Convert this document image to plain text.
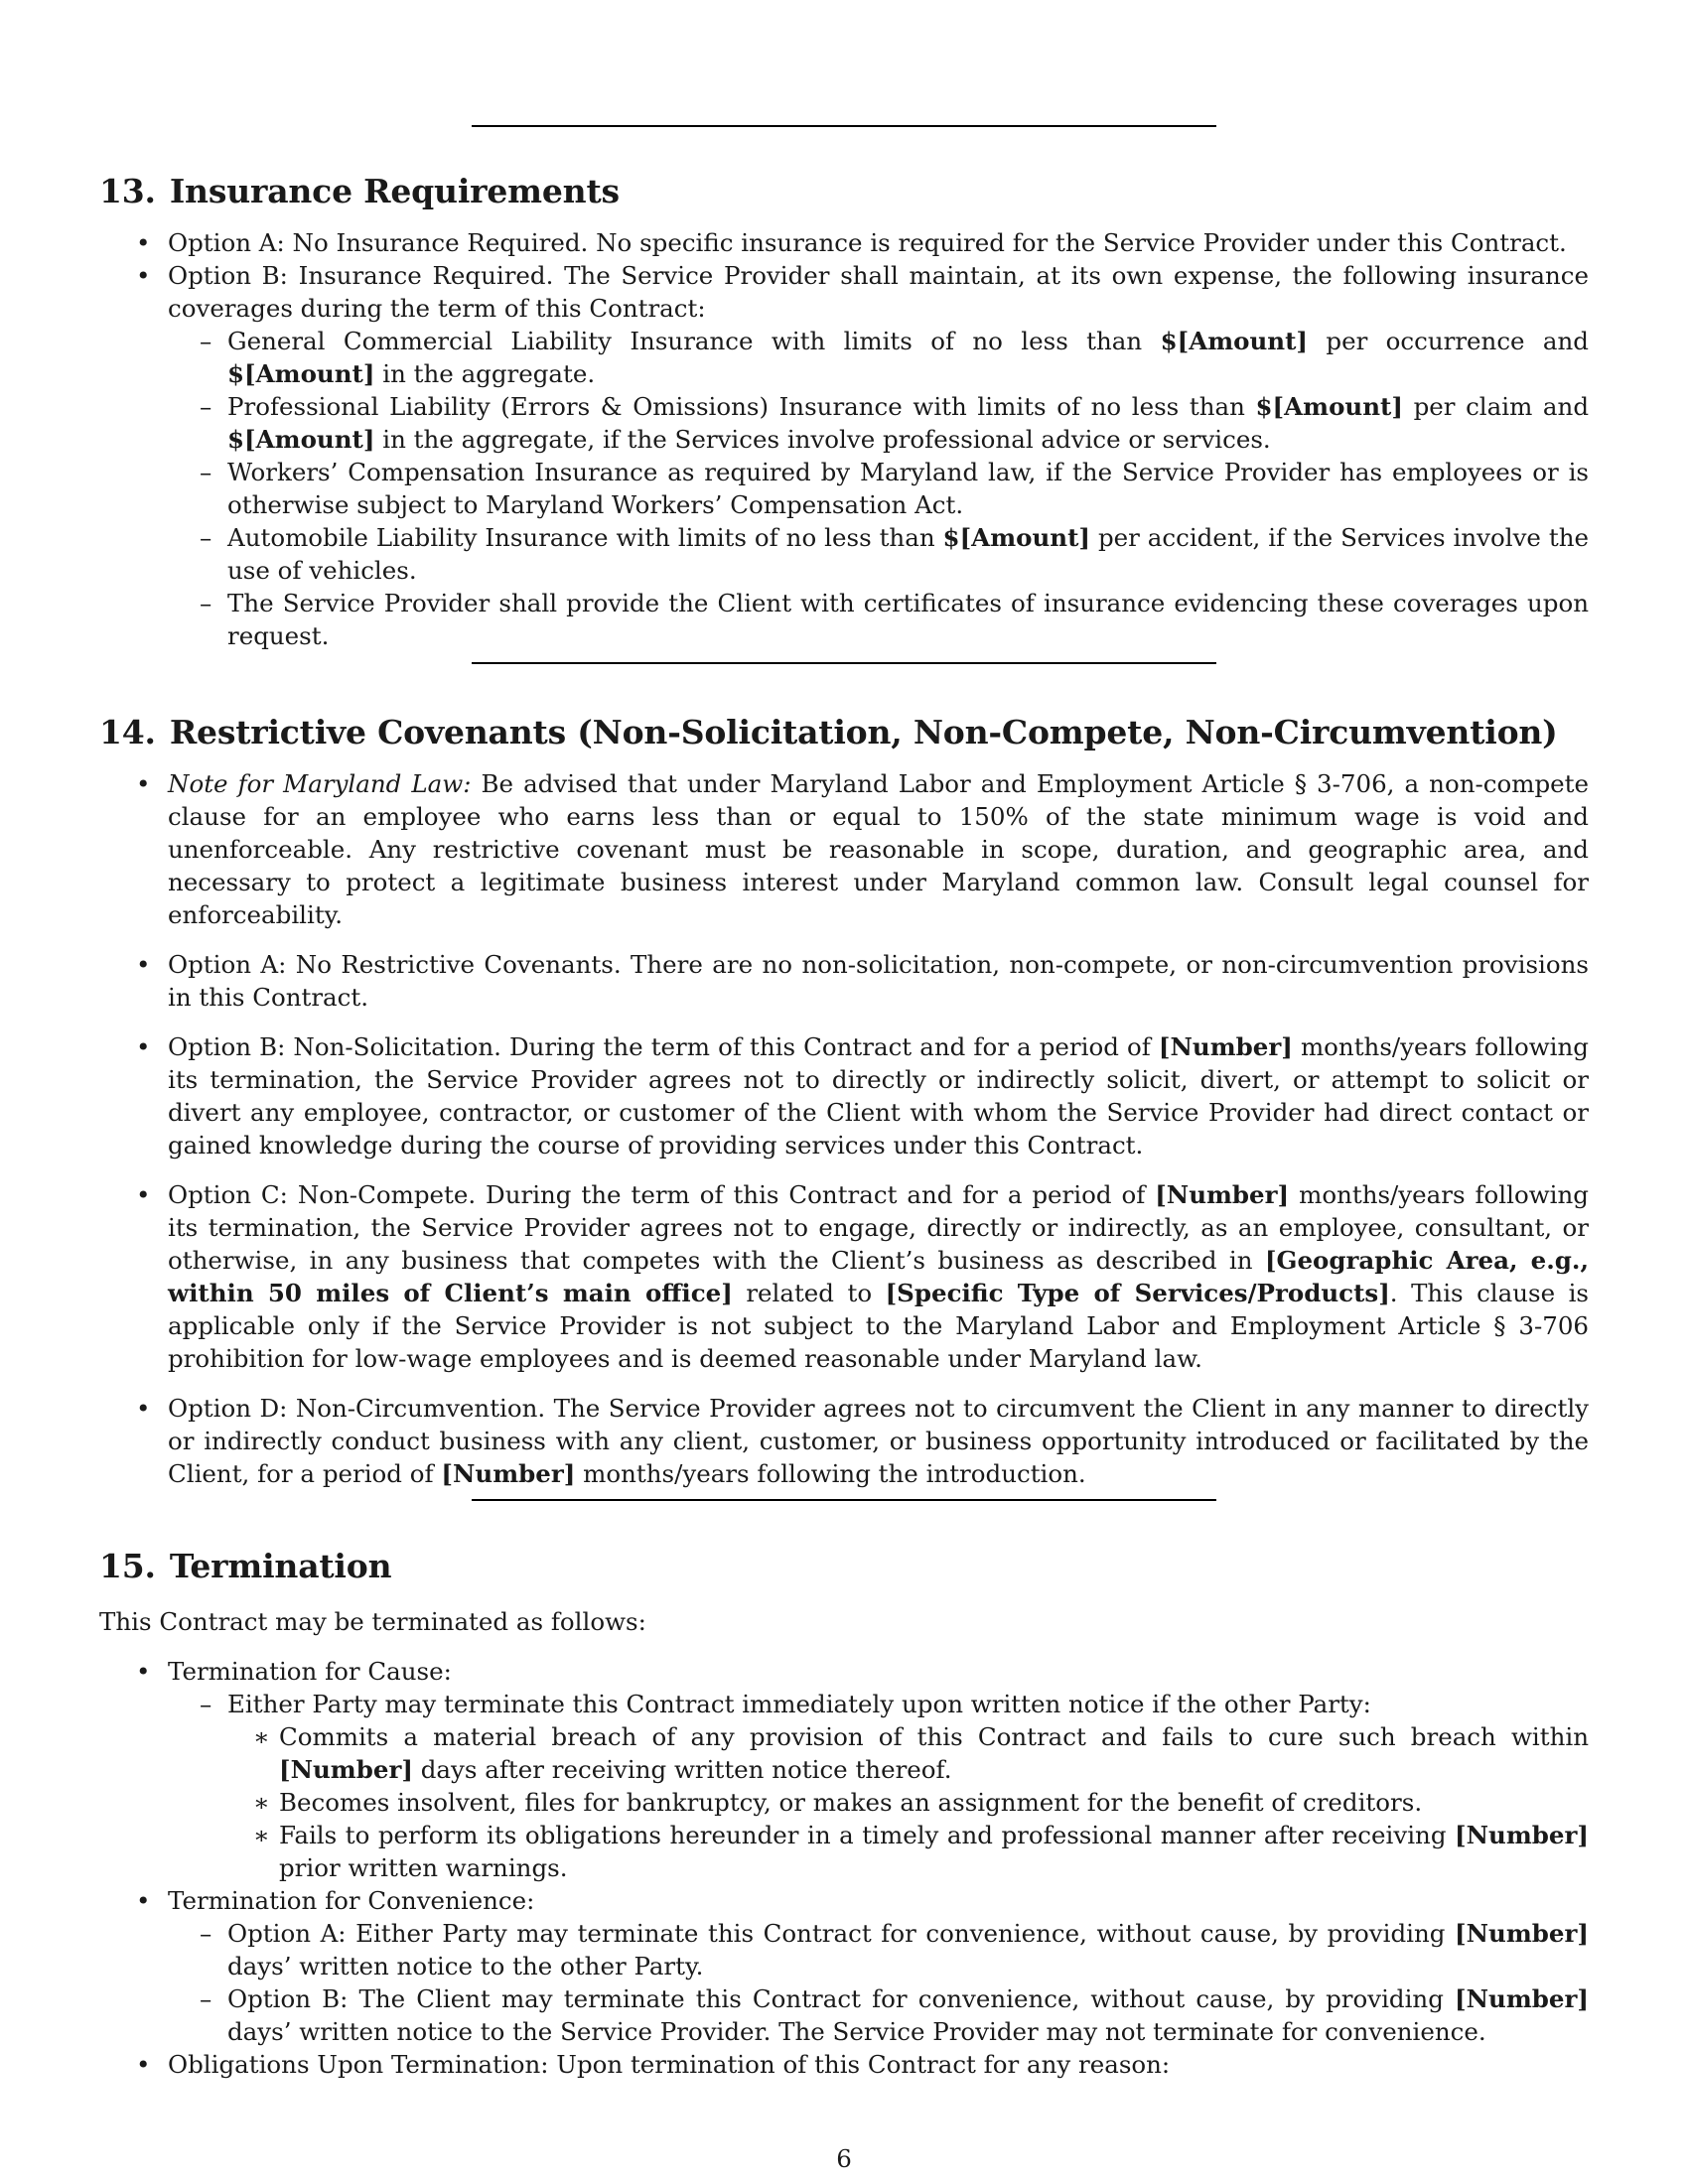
13. Insurance Requirements
• Option A: No Insurance Required. No specific insurance is required for the Service Provider under this Contract.
• Option B: Insurance Required. The Service Provider shall maintain, at its own expense, the following insurance coverages during the term of this Contract:
– General Commercial Liability Insurance with limits of no less than $[Amount] per occurrence and $[Amount] in the aggregate.
– Professional Liability (Errors & Omissions) Insurance with limits of no less than $[Amount] per claim and $[Amount] in the aggregate, if the Services involve professional advice or services.
– Workers’ Compensation Insurance as required by Maryland law, if the Service Provider has employees or is otherwise subject to Maryland Workers’ Compensation Act.
– Automobile Liability Insurance with limits of no less than $[Amount] per accident, if the Services involve the use of vehicles.
– The Service Provider shall provide the Client with certificates of insurance evidencing these coverages upon request.
14. Restrictive Covenants (Non-Solicitation, Non-Compete, Non-Circumvention)
• Note for Maryland Law: Be advised that under Maryland Labor and Employment Article § 3-706, a non-compete clause for an employee who earns less than or equal to 150% of the state minimum wage is void and unenforceable. Any restrictive covenant must be reasonable in scope, duration, and geographic area, and necessary to protect a legitimate business interest under Maryland common law. Consult legal counsel for enforceability.
• Option A: No Restrictive Covenants. There are no non-solicitation, non-compete, or non-circumvention provisions in this Contract.
• Option B: Non-Solicitation. During the term of this Contract and for a period of [Number] months/years following its termination, the Service Provider agrees not to directly or indirectly solicit, divert, or attempt to solicit or divert any employee, contractor, or customer of the Client with whom the Service Provider had direct contact or gained knowledge during the course of providing services under this Contract.
• Option C: Non-Compete. During the term of this Contract and for a period of [Number] months/years following its termination, the Service Provider agrees not to engage, directly or indirectly, as an employee, consultant, or otherwise, in any business that competes with the Client’s business as described in [Geographic Area, e.g., within 50 miles of Client’s main office] related to [Specific Type of Services/Products]. This clause is applicable only if the Service Provider is not subject to the Maryland Labor and Employment Article § 3-706 prohibition for low-wage employees and is deemed reasonable under Maryland law.
• Option D: Non-Circumvention. The Service Provider agrees not to circumvent the Client in any manner to directly or indirectly conduct business with any client, customer, or business opportunity introduced or facilitated by the Client, for a period of [Number] months/years following the introduction.
15. Termination

This Contract may be terminated as follows:

• Termination for Cause:
– Either Party may terminate this Contract immediately upon written notice if the other Party:
∗ Commits a material breach of any provision of this Contract and fails to cure such breach within [Number] days after receiving written notice thereof.
∗ Becomes insolvent, files for bankruptcy, or makes an assignment for the benefit of creditors.
∗ Fails to perform its obligations hereunder in a timely and professional manner after receiving [Number] prior written warnings.
• Termination for Convenience:
– Option A: Either Party may terminate this Contract for convenience, without cause, by providing [Number] days’ written notice to the other Party.
– Option B: The Client may terminate this Contract for convenience, without cause, by providing [Number] days’ written notice to the Service Provider. The Service Provider may not terminate for convenience.
• Obligations Upon Termination: Upon termination of this Contract for any reason:
6
